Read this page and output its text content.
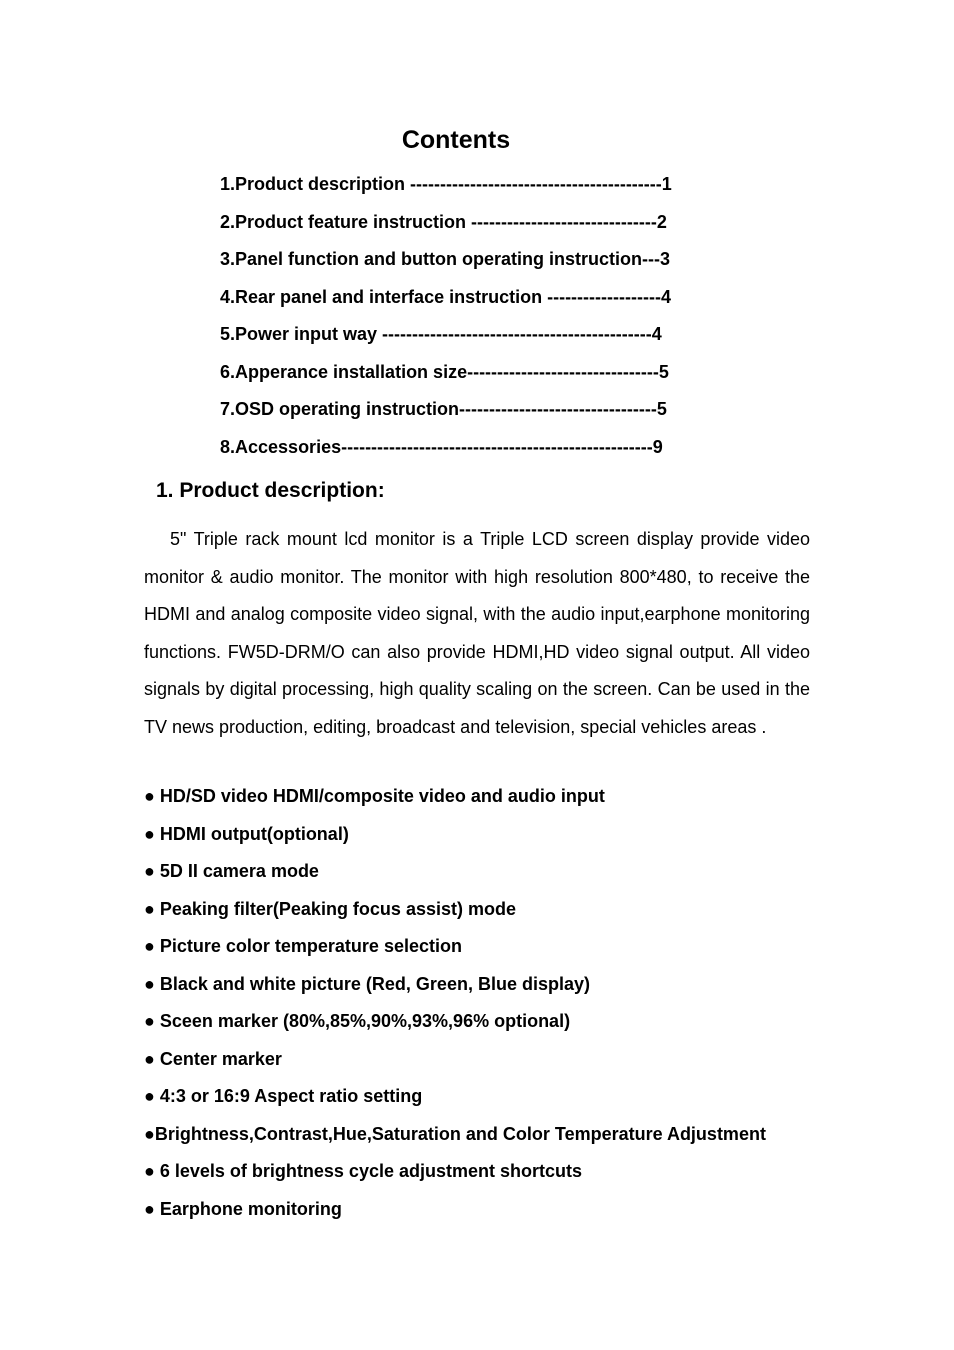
Contents
1.Product description ------------------------------------------1
2.Product feature instruction -------------------------------2
3.Panel function and button operating instruction---3
4.Rear panel and interface instruction -------------------4
5.Power input way ---------------------------------------------4
6.Apperance installation size--------------------------------5
7.OSD operating instruction---------------------------------5
8.Accessories----------------------------------------------------9
1. Product description:

5" Triple rack mount lcd monitor is a Triple LCD screen display provide video monitor & audio monitor. The monitor with high resolution 800*480, to receive the HDMI and analog composite video signal, with the audio input,earphone monitoring functions. FW5D-DRM/O can also provide HDMI,HD video signal output. All video signals by digital processing, high quality scaling on the screen. Can be used in the TV news production, editing, broadcast and television, special vehicles areas .

● HD/SD video HDMI/composite video and audio input
● HDMI output(optional)
● 5D II camera mode
● Peaking filter(Peaking focus assist) mode
● Picture color temperature selection
● Black and white picture (Red, Green, Blue display)
● Sceen marker (80%,85%,90%,93%,96% optional)
● Center marker
● 4:3 or 16:9 Aspect ratio setting
●Brightness,Contrast,Hue,Saturation and Color Temperature Adjustment
● 6 levels of brightness cycle adjustment shortcuts
● Earphone monitoring
